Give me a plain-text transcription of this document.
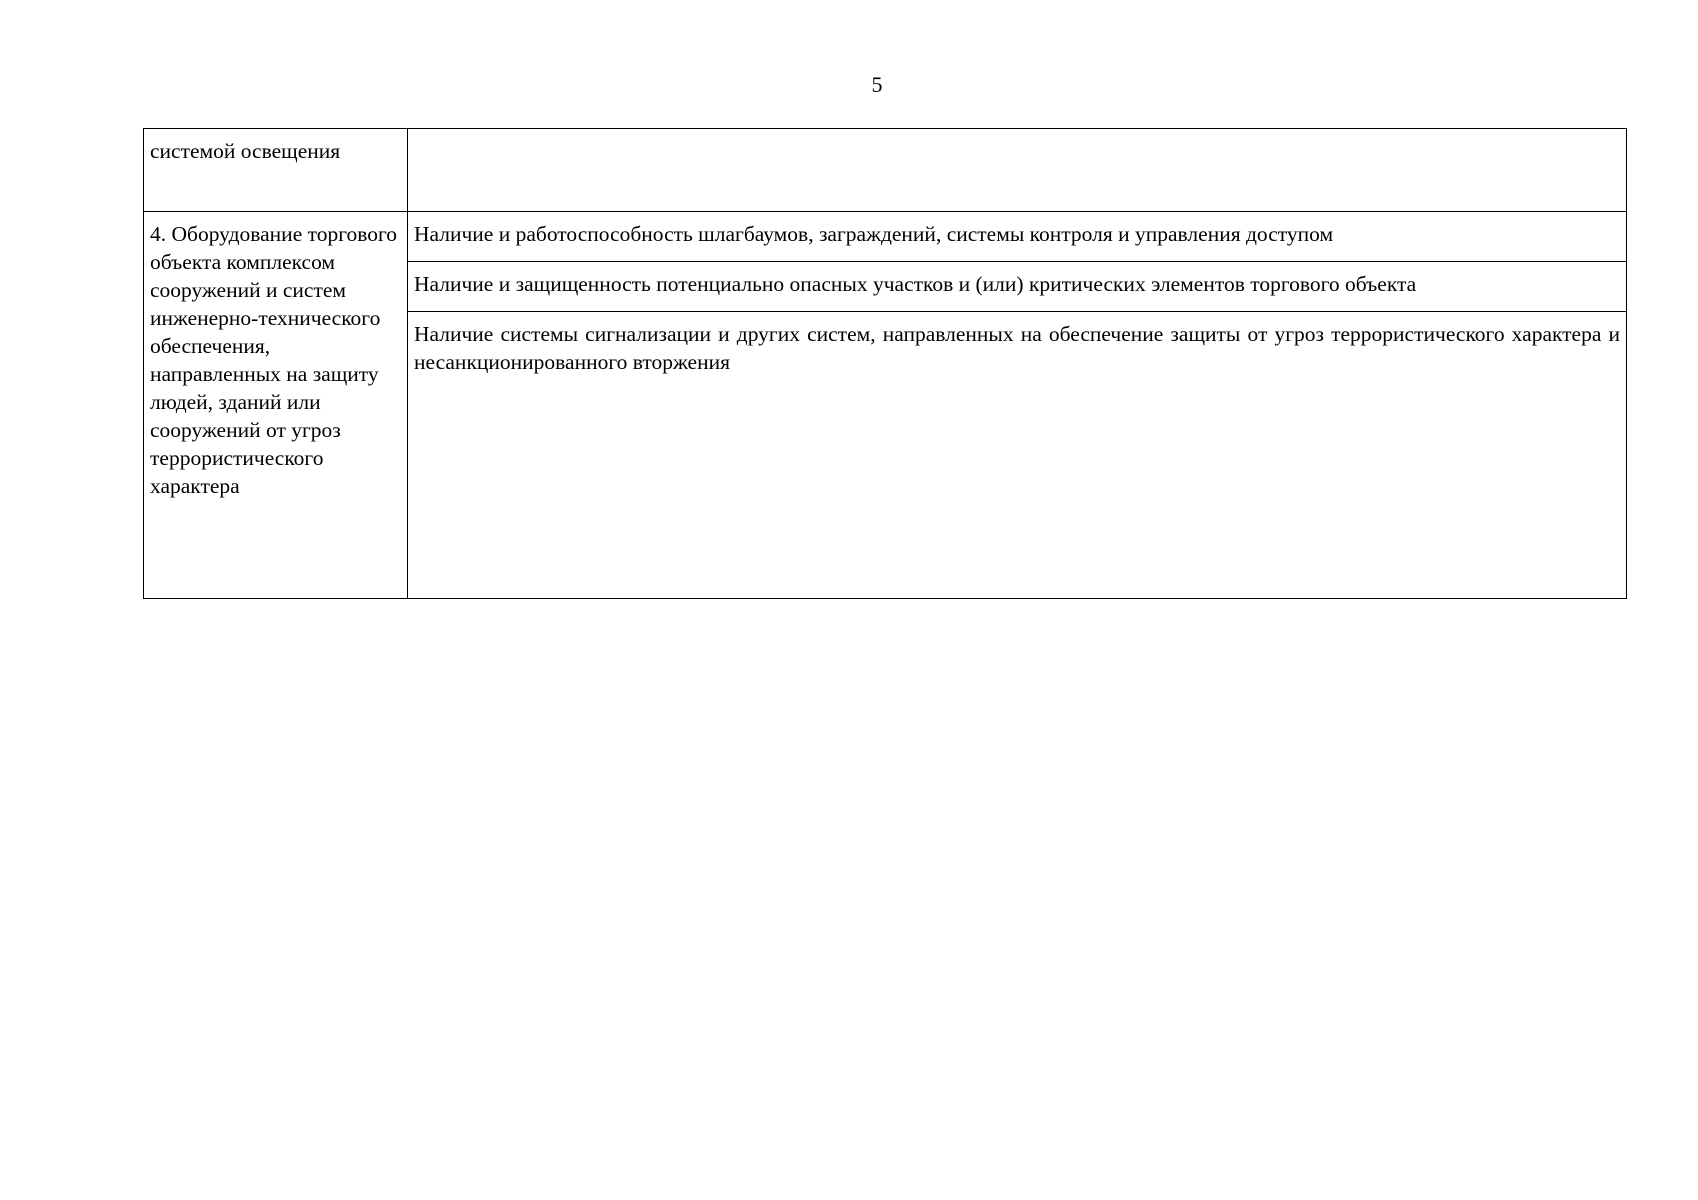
5
системой освещения	
4. Оборудование торгового объекта комплексом сооружений и систем инженерно-технического обеспечения, направленных на защиту людей, зданий или сооружений от угроз террористического характера	Наличие и работоспособность шлагбаумов, заграждений, системы контроля и управления доступом
	Наличие и защищенность потенциально опасных участков и (или) критических элементов торгового объекта
	Наличие системы сигнализации и других систем, направленных на обеспечение защиты от угроз террористического характера и несанкционированного вторжения
